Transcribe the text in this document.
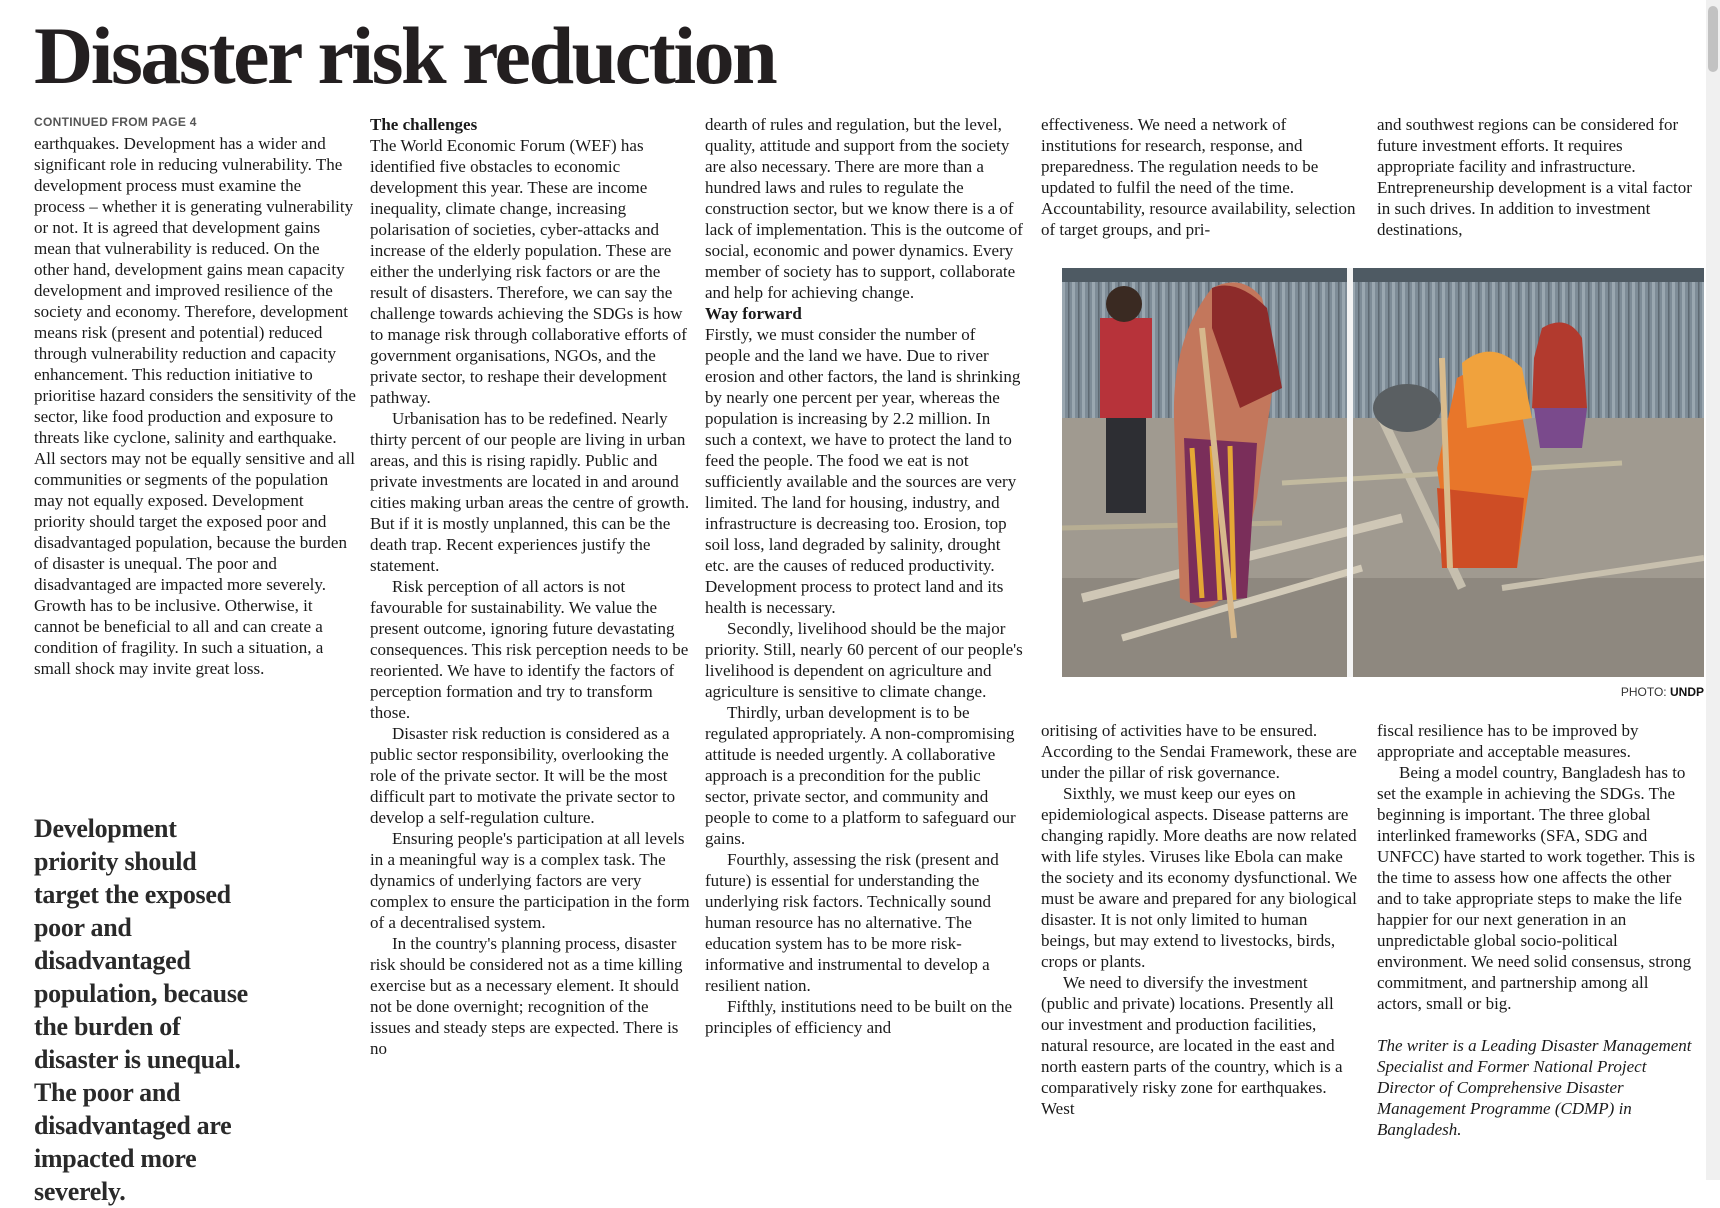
Disaster risk reduction
CONTINUED FROM PAGE 4

earthquakes. Development has a wider and significant role in reducing vulnerability. The development process must examine the process – whether it is generating vulnerability or not. It is agreed that development gains mean that vulnerability is reduced. On the other hand, development gains mean capacity development and improved resilience of the society and economy. Therefore, development means risk (present and potential) reduced through vulnerability reduction and capacity enhancement. This reduction initiative to prioritise hazard considers the sensitivity of the sector, like food production and exposure to threats like cyclone, salinity and earthquake. All sectors may not be equally sensitive and all communities or segments of the population may not equally exposed. Development priority should target the exposed poor and disadvantaged population, because the burden of disaster is unequal. The poor and disadvantaged are impacted more severely. Growth has to be inclusive. Otherwise, it cannot be beneficial to all and can create a condition of fragility. In such a situation, a small shock may invite great loss.

Development priority should target the exposed poor and disadvantaged population, because the burden of disaster is unequal. The poor and disadvantaged are impacted more severely.

The challenges

The World Economic Forum (WEF) has identified five obstacles to economic development this year. These are income inequality, climate change, increasing polarisation of societies, cyber-attacks and increase of the elderly population. These are either the underlying risk factors or are the result of disasters. Therefore, we can say the challenge towards achieving the SDGs is how to manage risk through collaborative efforts of government organisations, NGOs, and the private sector, to reshape their development pathway.

Urbanisation has to be redefined. Nearly thirty percent of our people are living in urban areas, and this is rising rapidly. Public and private investments are located in and around cities making urban areas the centre of growth. But if it is mostly unplanned, this can be the death trap. Recent experiences justify the statement.

Risk perception of all actors is not favourable for sustainability. We value the present outcome, ignoring future devastating consequences. This risk perception needs to be reoriented. We have to identify the factors of perception formation and try to transform those.

Disaster risk reduction is considered as a public sector responsibility, overlooking the role of the private sector. It will be the most difficult part to motivate the private sector to develop a self-regulation culture.

Ensuring people's participation at all levels in a meaningful way is a complex task. The dynamics of underlying factors are very complex to ensure the participation in the form of a decentralised system.

In the country's planning process, disaster risk should be considered not as a time killing exercise but as a necessary element. It should not be done overnight; recognition of the issues and steady steps are expected. There is no

dearth of rules and regulation, but the level, quality, attitude and support from the society are also necessary. There are more than a hundred laws and rules to regulate the construction sector, but we know there is a of lack of implementation. This is the outcome of social, economic and power dynamics. Every member of society has to support, collaborate and help for achieving change.

Way forward

Firstly, we must consider the number of people and the land we have. Due to river erosion and other factors, the land is shrinking by nearly one percent per year, whereas the population is increasing by 2.2 million. In such a context, we have to protect the land to feed the people. The food we eat is not sufficiently available and the sources are very limited. The land for housing, industry, and infrastructure is decreasing too. Erosion, top soil loss, land degraded by salinity, drought etc. are the causes of reduced productivity. Development process to protect land and its health is necessary.

Secondly, livelihood should be the major priority. Still, nearly 60 percent of our people's livelihood is dependent on agriculture and agriculture is sensitive to climate change.

Thirdly, urban development is to be regulated appropriately. A non-compromising attitude is needed urgently. A collaborative approach is a precondition for the public sector, private sector, and community and people to come to a platform to safeguard our gains.

Fourthly, assessing the risk (present and future) is essential for understanding the underlying risk factors. Technically sound human resource has no alternative. The education system has to be more risk-informative and instrumental to develop a resilient nation.

Fifthly, institutions need to be built on the principles of efficiency and

effectiveness. We need a network of institutions for research, response, and preparedness. The regulation needs to be updated to fulfil the need of the time. Accountability, resource availability, selection of target groups, and pri-

and southwest regions can be considered for future investment efforts. It requires appropriate facility and infrastructure. Entrepreneurship development is a vital factor in such drives. In addition to investment destinations,

PHOTO: UNDP

oritising of activities have to be ensured. According to the Sendai Framework, these are under the pillar of risk governance.

Sixthly, we must keep our eyes on epidemiological aspects. Disease patterns are changing rapidly. More deaths are now related with life styles. Viruses like Ebola can make the society and its economy dysfunctional. We must be aware and prepared for any biological disaster. It is not only limited to human beings, but may extend to livestocks, birds, crops or plants.

We need to diversify the investment (public and private) locations. Presently all our investment and production facilities, natural resource, are located in the east and north eastern parts of the country, which is a comparatively risky zone for earthquakes. West

fiscal resilience has to be improved by appropriate and acceptable measures.

Being a model country, Bangladesh has to set the example in achieving the SDGs. The beginning is important. The three global interlinked frameworks (SFA, SDG and UNFCC) have started to work together. This is the time to assess how one affects the other and to take appropriate steps to make the life happier for our next generation in an unpredictable global socio-political environment. We need solid consensus, strong commitment, and partnership among all actors, small or big.

The writer is a Leading Disaster Management Specialist and Former National Project Director of Comprehensive Disaster Management Programme (CDMP) in Bangladesh.
